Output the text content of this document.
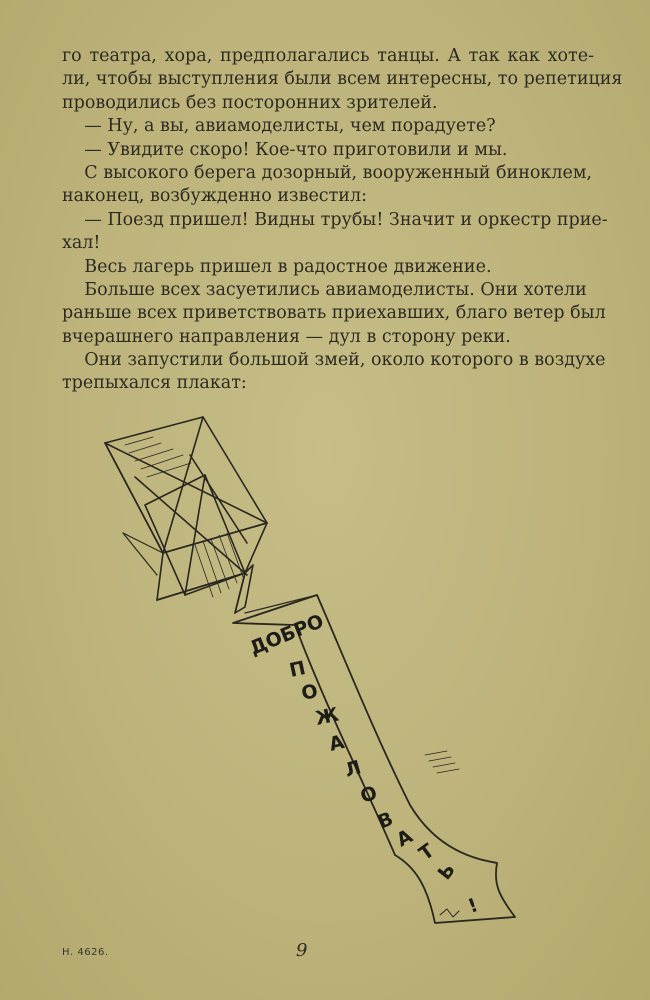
го театра, хора, предполагались танцы. А так как хоте-
ли, чтобы выступления были всем интересны, то репетиция
проводились без посторонних зрителей.
— Ну, а вы, авиамоделисты, чем порадуете?
— Увидите скоро! Кое-что приготовили и мы.
С высокого берега дозорный, вооруженный биноклем,
наконец, возбужденно известил:
— Поезд пришел! Видны трубы! Значит и оркестр прие-
хал!
Весь лагерь пришел в радостное движение.
Больше всех засуетились авиамоделисты. Они хотели
раньше всех приветствовать приехавших, благо ветер был
вчерашнего направления — дул в сторону реки.
Они запустили большой змей, около которого в воздухе
трепыхался плакат:
ДОБРО
П
О
Ж
А
Л
О
В
А
Т
Ь
!
Н. 4626.	9
